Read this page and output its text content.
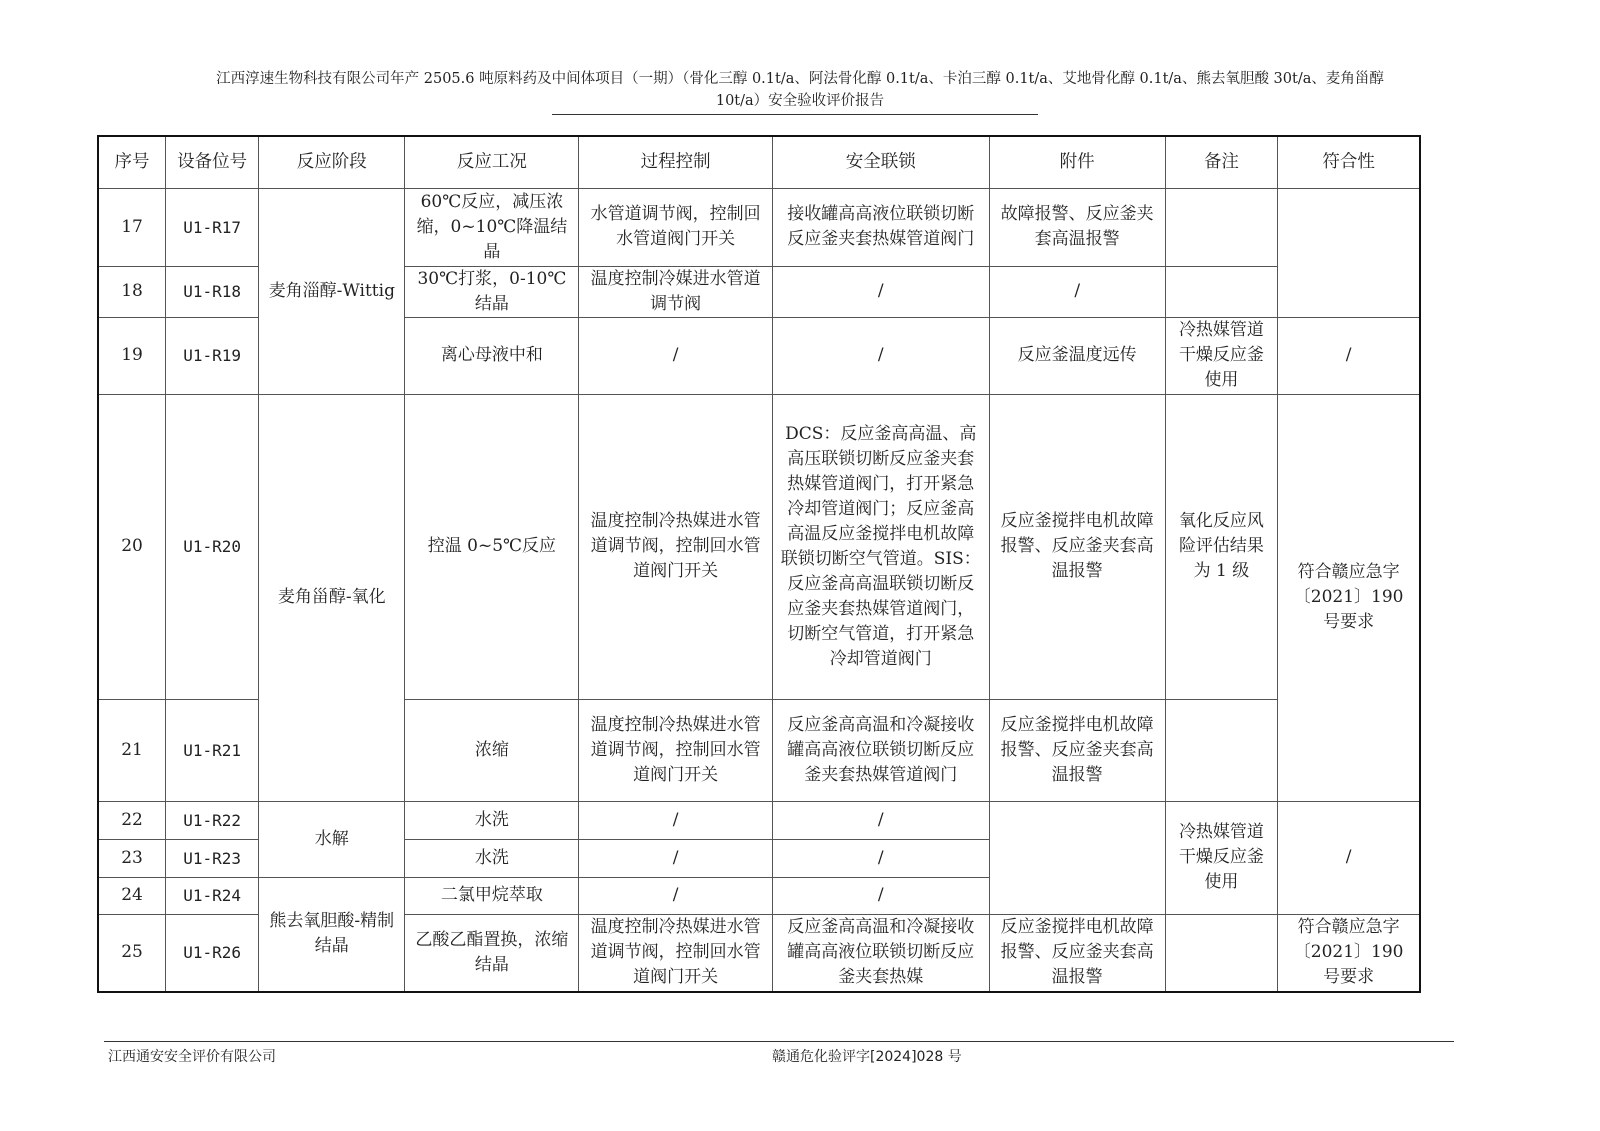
江西淳速生物科技有限公司年产 2505.6 吨原料药及中间体项目（一期）（骨化三醇 0.1t/a、阿法骨化醇 0.1t/a、卡泊三醇 0.1t/a、艾地骨化醇 0.1t/a、熊去氧胆酸 30t/a、麦角甾醇
10t/a）安全验收评价报告
序号	设备位号	反应阶段	反应工况	过程控制	安全联锁	附件	备注	符合性
17	U1-R17	麦角淄醇-Wittig	60℃反应，减压浓缩，0~10℃降温结晶	水管道调节阀，控制回水管道阀门开关	接收罐高高液位联锁切断反应釜夹套热媒管道阀门	故障报警、反应釜夹套高温报警		
18	U1-R18		30℃打浆，0-10℃结晶	温度控制冷媒进水管道调节阀	/	/		
19	U1-R19		离心母液中和	/	/	反应釜温度远传	冷热媒管道干燥反应釜使用	/
20	U1-R20	麦角甾醇-氧化	控温 0~5℃反应	温度控制冷热媒进水管道调节阀，控制回水管道阀门开关	DCS：反应釜高高温、高高压联锁切断反应釜夹套热媒管道阀门，打开紧急冷却管道阀门；反应釜高高温反应釜搅拌电机故障联锁切断空气管道。SIS：反应釜高高温联锁切断反应釜夹套热媒管道阀门，切断空气管道，打开紧急冷却管道阀门	反应釜搅拌电机故障报警、反应釜夹套高温报警	氧化反应风险评估结果为 1 级	符合赣应急字〔2021〕190 号要求
21	U1-R21		浓缩	温度控制冷热媒进水管道调节阀，控制回水管道阀门开关	反应釜高高温和冷凝接收罐高高液位联锁切断反应釜夹套热媒管道阀门	反应釜搅拌电机故障报警、反应釜夹套高温报警		
22	U1-R22	水解	水洗	/	/		冷热媒管道干燥反应釜使用	/
23	U1-R23		水洗	/	/			
24	U1-R24	熊去氧胆酸-精制结晶	二氯甲烷萃取	/	/			
25	U1-R26		乙酸乙酯置换，浓缩结晶	温度控制冷热媒进水管道调节阀，控制回水管道阀门开关	反应釜高高温和冷凝接收罐高高液位联锁切断反应釜夹套热媒	反应釜搅拌电机故障报警、反应釜夹套高温报警		符合赣应急字〔2021〕190 号要求
江西通安安全评价有限公司	赣通危化验评字[2024]028 号
